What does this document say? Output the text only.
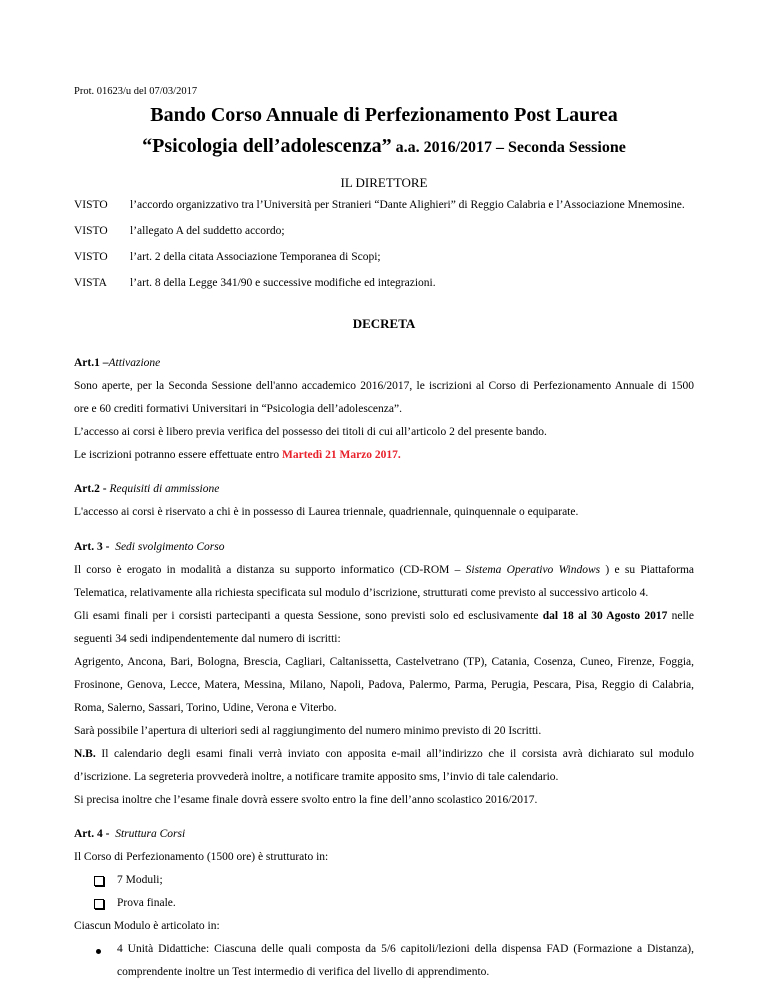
Prot. 01623/u del 07/03/2017
Bando Corso Annuale di Perfezionamento Post Laurea
“Psicologia dell’adolescenza” a.a. 2016/2017 – Seconda Sessione
IL DIRETTORE
VISTO l’accordo organizzativo tra l’Università per Stranieri “Dante Alighieri” di Reggio Calabria e l’Associazione Mnemosine.
VISTO l’allegato A del suddetto accordo;
VISTO l’art. 2 della citata Associazione Temporanea di Scopi;
VISTA l’art. 8 della Legge 341/90 e successive modifiche ed integrazioni.
DECRETA
Art.1 –Attivazione
Sono aperte, per la Seconda Sessione dell'anno accademico 2016/2017, le iscrizioni al Corso di Perfezionamento Annuale di 1500
ore e 60 crediti formativi Universitari in “Psicologia dell’adolescenza”.
L’accesso ai corsi è libero previa verifica del possesso dei titoli di cui all’articolo 2 del presente bando.
Le iscrizioni potranno essere effettuate entro Martedì 21 Marzo 2017.
Art.2 - Requisiti di ammissione
L'accesso ai corsi è riservato a chi è in possesso di Laurea triennale, quadriennale, quinquennale o equiparate.
Art. 3 - Sedi svolgimento Corso
Il corso è erogato in modalità a distanza su supporto informatico (CD-ROM – Sistema Operativo Windows ) e su Piattaforma
Telematica, relativamente alla richiesta specificata sul modulo d’iscrizione, strutturati come previsto al successivo articolo 4.
Gli esami finali per i corsisti partecipanti a questa Sessione, sono previsti solo ed esclusivamente dal 18 al 30 Agosto 2017 nelle
seguenti 34 sedi indipendentemente dal numero di iscritti:
Agrigento, Ancona, Bari, Bologna, Brescia, Cagliari, Caltanissetta, Castelvetrano (TP), Catania, Cosenza, Cuneo, Firenze, Foggia,
Frosinone, Genova, Lecce, Matera, Messina, Milano, Napoli, Padova, Palermo, Parma, Perugia, Pescara, Pisa, Reggio di Calabria,
Roma, Salerno, Sassari, Torino, Udine, Verona e Viterbo.
Sarà possibile l’apertura di ulteriori sedi al raggiungimento del numero minimo previsto di 20 Iscritti.
N.B. Il calendario degli esami finali verrà inviato con apposita e-mail all’indirizzo che il corsista avrà dichiarato sul modulo
d’iscrizione. La segreteria provvederà inoltre, a notificare tramite apposito sms, l’invio di tale calendario.
Si precisa inoltre che l’esame finale dovrà essere svolto entro la fine dell’anno scolastico 2016/2017.
Art. 4 - Struttura Corsi
Il Corso di Perfezionamento (1500 ore) è strutturato in:
7 Moduli;
Prova finale.
Ciascun Modulo è articolato in:
4 Unità Didattiche: Ciascuna delle quali composta da 5/6 capitoli/lezioni della dispensa FAD (Formazione a Distanza),
comprendente inoltre un Test intermedio di verifica del livello di apprendimento.
